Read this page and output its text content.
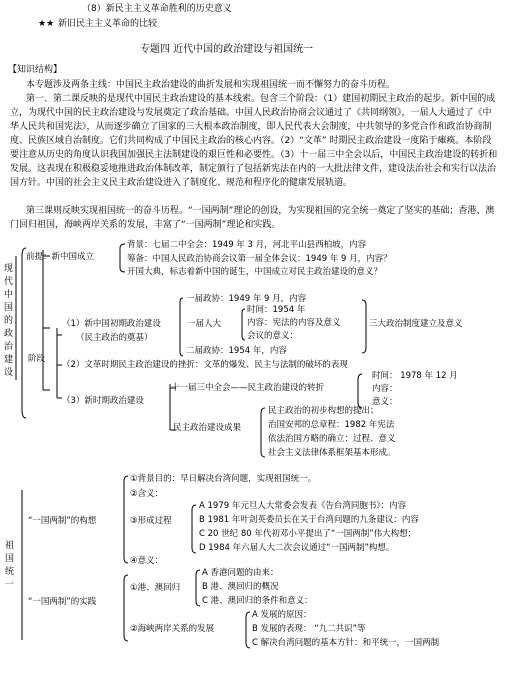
（8）新民主主义革命胜利的历史意义
★★ 新旧民主主义革命的比较
专题四 近代中国的政治建设与祖国统一
【知识结构】
本专题涉及两条主线：中国民主政治建设的曲折发展和实现祖国统一而不懈努力的奋斗历程。
第一、第二课反映的是现代中国民主政治建设的基本线索。包含三个阶段：（1）建国初期民主政治的起步。新中国的成立，为现代中国的民主政治建设与发展奠定了政治基础。中国人民政治协商会议通过了《共同纲领》，一届人大通过了《中华人民共和国宪法》，从而逐步确立了国家的三大根本政治制度，即人民代表大会制度，中共领导的多党合作和政治协商制度、民族区域自治制度。它们共同构成了中国民主政治的核心内容。（2）“文革” 时期民主政治建设一度陷于瘫痪。本阶段要注意从历史的角度认识我国加强民主法制建设的艰巨性和必要性。（3）十一届三中全会以后，中国民主政治建设的转折和发展。这表现在积极稳妥地推进政治体制改革，制定颁行了包括新宪法在内的一大批法律文件，建设法治社会和实行以法治国方针。中国的社会主义民主政治建设进入了制度化、规范和程序化的健康发展轨道。
第三课则反映实现祖国统一的奋斗历程。“一国两制”理论的创设，为实现祖国的完全统一奠定了坚实的基础；香港、澳门回归祖国，海峡两岸关系的发展，丰富了“一国两制”理论和实践。
现
代
中
国
的
政
治
建
设
前提：新中国成立
背景：七届二中全会：1949 年 3 月，河北平山县西柏坡，内容
筹备：中国人民政治协商会议第一届全体会议：1949 年 9 月，内容？
开国大典，标志着新中国的诞生，中国成立对民主政治建设的意义？
阶段
（1）新中国初期政治建设
（民主政治的奠基）
一届政协：1949 年 9 月，内容
一届人大
时间：1954 年
内容：宪法的内容及意义
会议的意义：
二届政协：1954 年，内容
三大政治制度建立及意义
（2）文革时期民主政治建设的挫折：文革的爆发、民主与法制的破坏的表现
（3）新时期政治建设
十一届三中全会——民主政治建设的转折
时间： 1978 年 12 月
内容：
意义：
民主政治建设成果
民主政治的初步构想的提出；
治国安邦的总章程：1982 年宪法
依法治国方略的确立：过程、意义
社会主义法律体系框架基本形成。
祖
国
统
一
“一国两制”的构想
①背景目的：早日解决台湾问题，实现祖国统一。
②含义：
③形成过程
A 1979 年元旦人大常委会发表《告台湾同胞书》：内容
B 1981 年叶剑英委员长在关于台湾问题的九条建议：内容
C 20 世纪 80 年代初邓小平提出了“一国两制”伟大构想；
D 1984 年六届人大二次会议通过“一国两制”构想。
④意义：
“一国两制”的实践
①港、澳回归
A 香港问题的由来：
B 港、澳回归的概况
C 港、澳回归的条件和意义：
②海峡两岸关系的发展
A 发展的原因：
B 发展的表现： “九二共识”等
C 解决台湾问题的基本方针：和平统一，一国两制
